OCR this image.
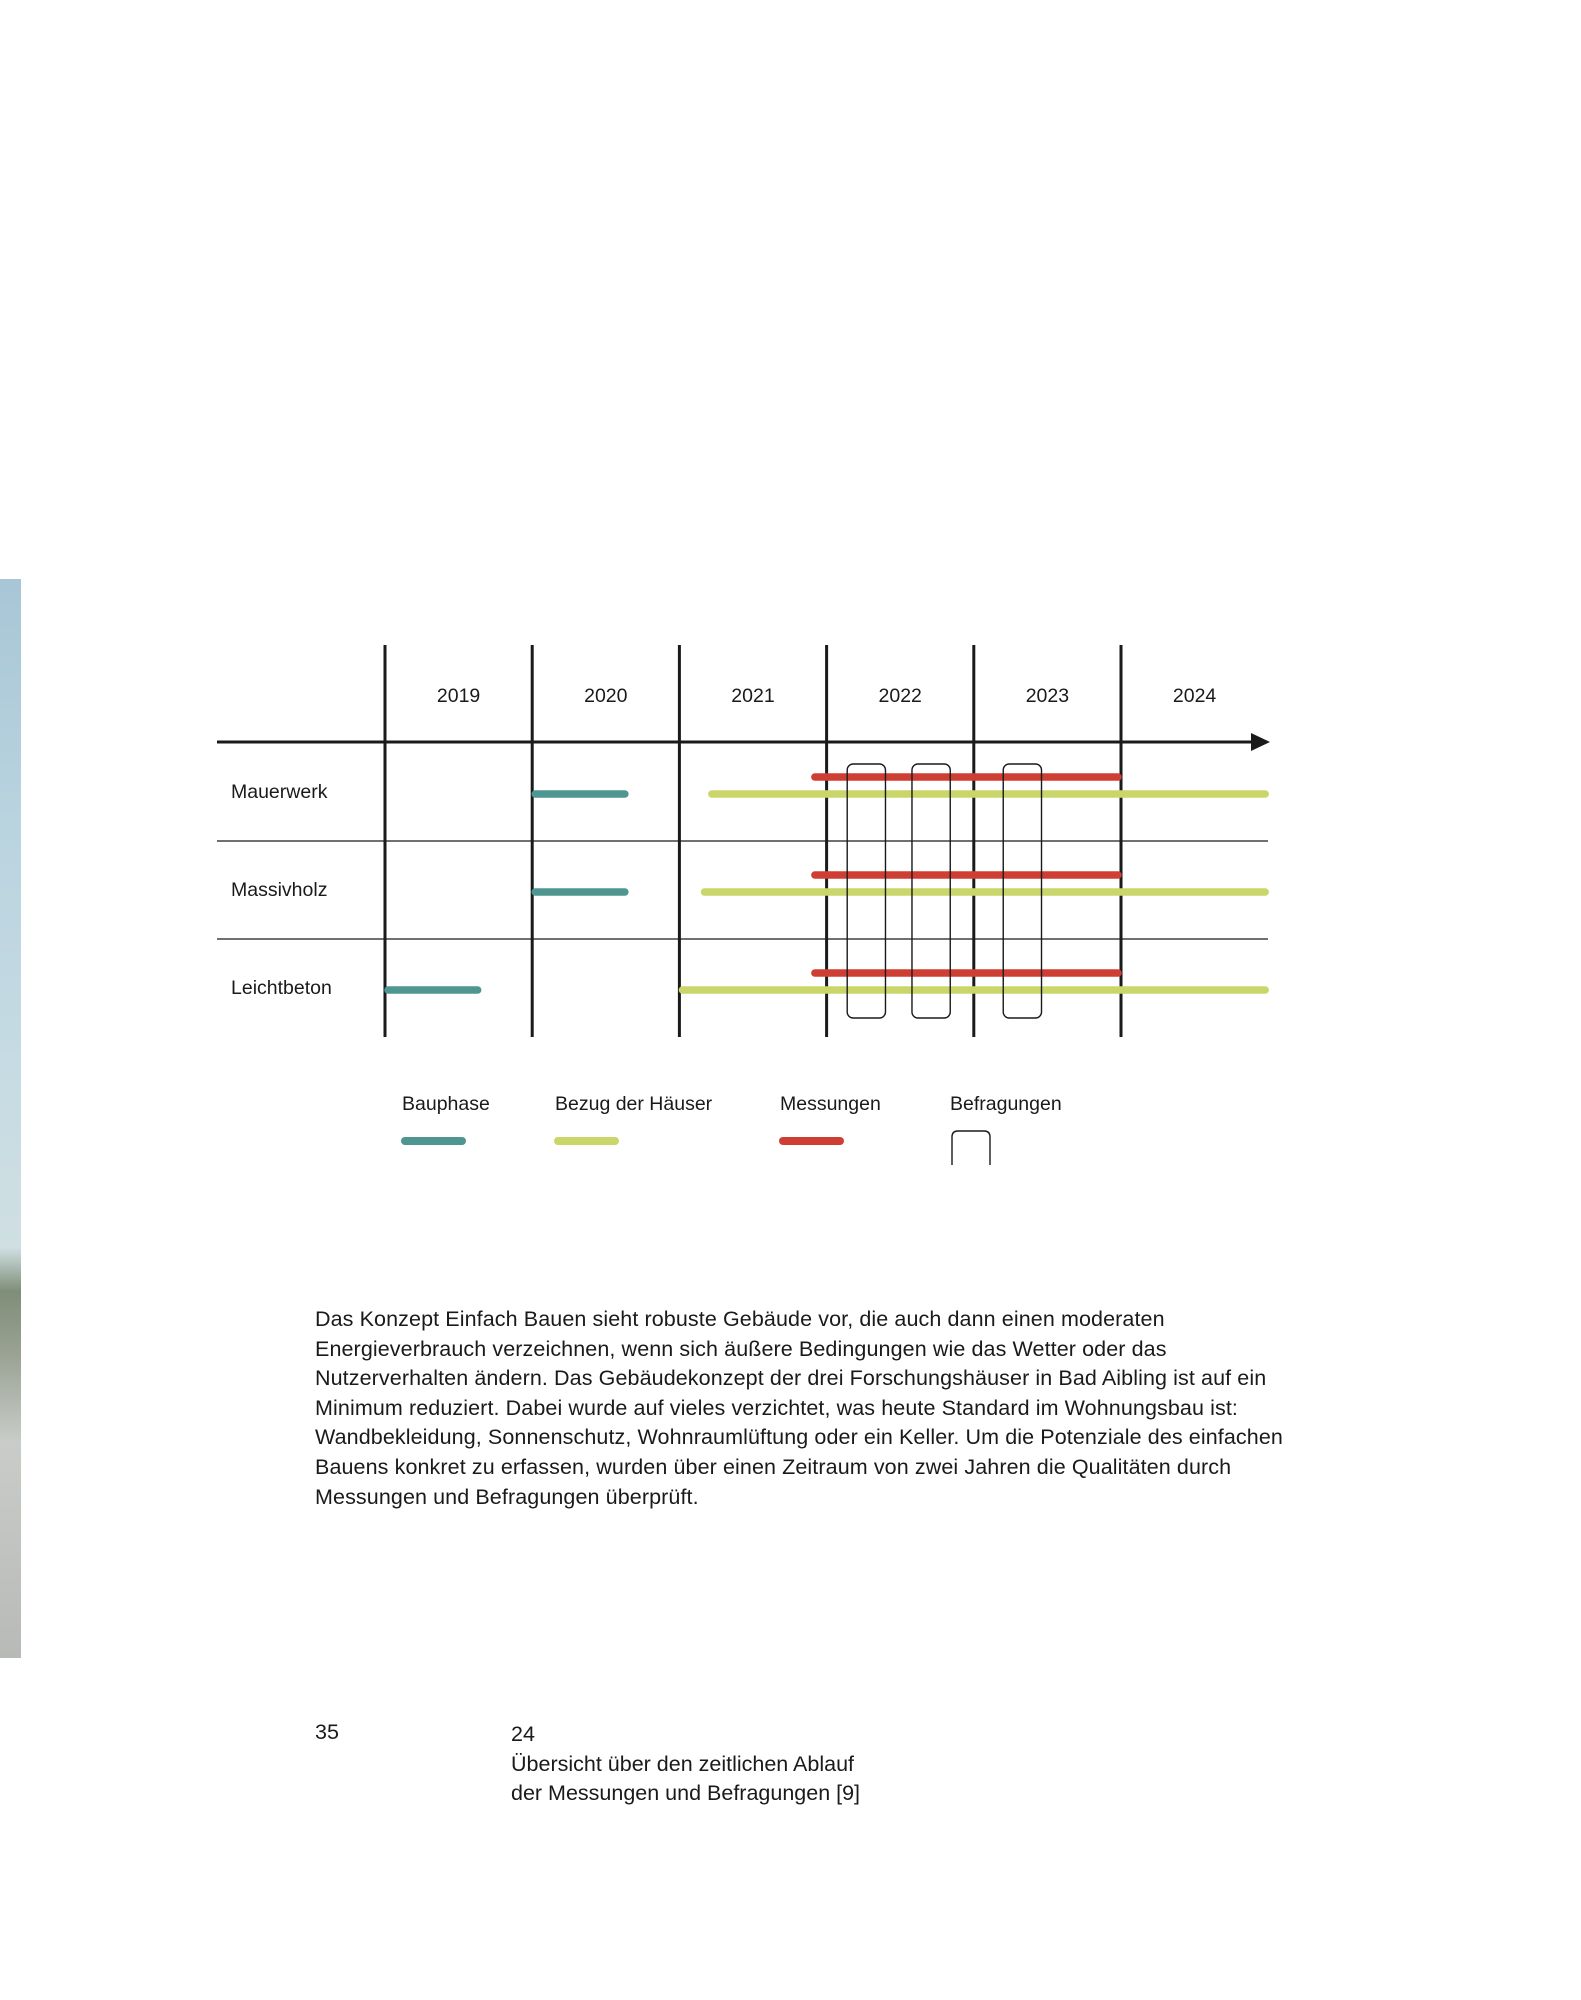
2019	2020	2021	2022	2023	2024
Mauerwerk
Massivholz
Leichtbeton
Bauphase	Bezug der Häuser	Messungen	Befragungen

Das Konzept Einfach Bauen sieht robuste Gebäude vor, die auch dann einen moderaten Energieverbrauch verzeichnen, wenn sich äußere Bedingungen wie das Wetter oder das Nutzerverhalten ändern. Das Gebäudekonzept der drei Forschungshäuser in Bad Aibling ist auf ein Minimum reduziert. Dabei wurde auf vieles verzichtet, was heute Standard im Wohnungsbau ist: Wandbekleidung, Sonnenschutz, Wohnraumlüftung oder ein Keller. Um die Potenziale des einfachen Bauens konkret zu erfassen, wurden über einen Zeitraum von zwei Jahren die Qualitäten durch Messungen und Befragungen überprüft.

35	24
Übersicht über den zeitlichen Ablauf
der Messungen und Befragungen [9]
